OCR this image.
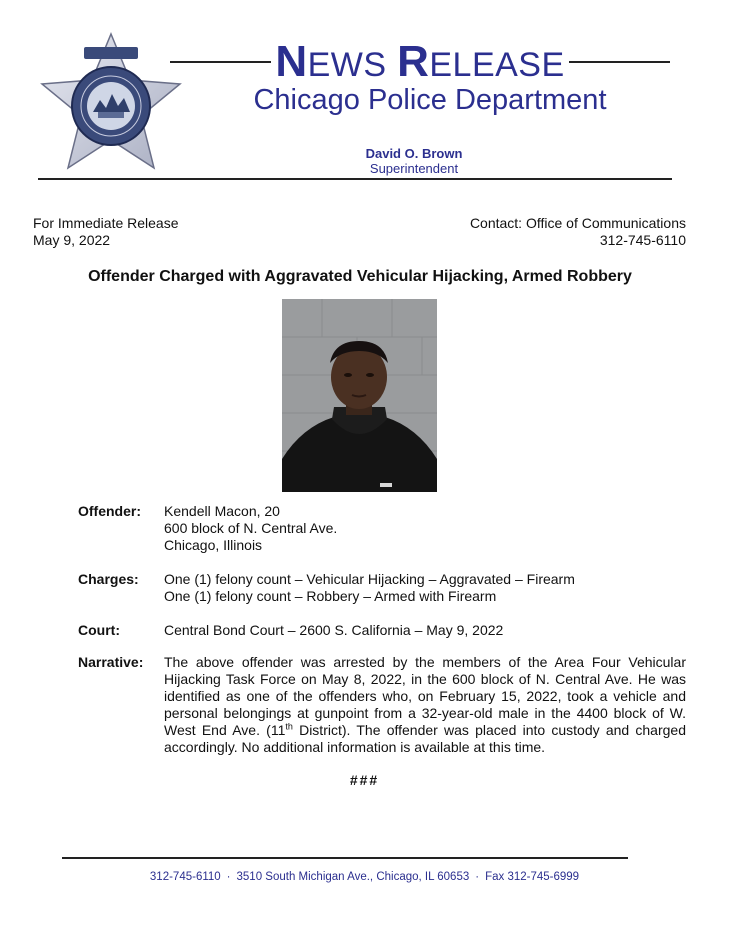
NEWS RELEASE
Chicago Police Department
David O. Brown
Superintendent
For Immediate Release
May 9, 2022
Contact: Office of Communications
312-745-6110
Offender Charged with Aggravated Vehicular Hijacking, Armed Robbery
Offender: Kendell Macon, 20
600 block of N. Central Ave.
Chicago, Illinois
Charges: One (1) felony count – Vehicular Hijacking – Aggravated – Firearm
One (1) felony count – Robbery – Armed with Firearm
Court:	Central Bond Court – 2600 S. California – May 9, 2022
Narrative: The above offender was arrested by the members of the Area Four Vehicular Hijacking Task Force on May 8, 2022, in the 600 block of N. Central Ave. He was identified as one of the offenders who, on February 15, 2022, took a vehicle and personal belongings at gunpoint from a 32-year-old male in the 4400 block of W. West End Ave. (11th District). The offender was placed into custody and charged accordingly. No additional information is available at this time.
###
312-745-6110 · 3510 South Michigan Ave., Chicago, IL 60653 · Fax 312-745-6999
